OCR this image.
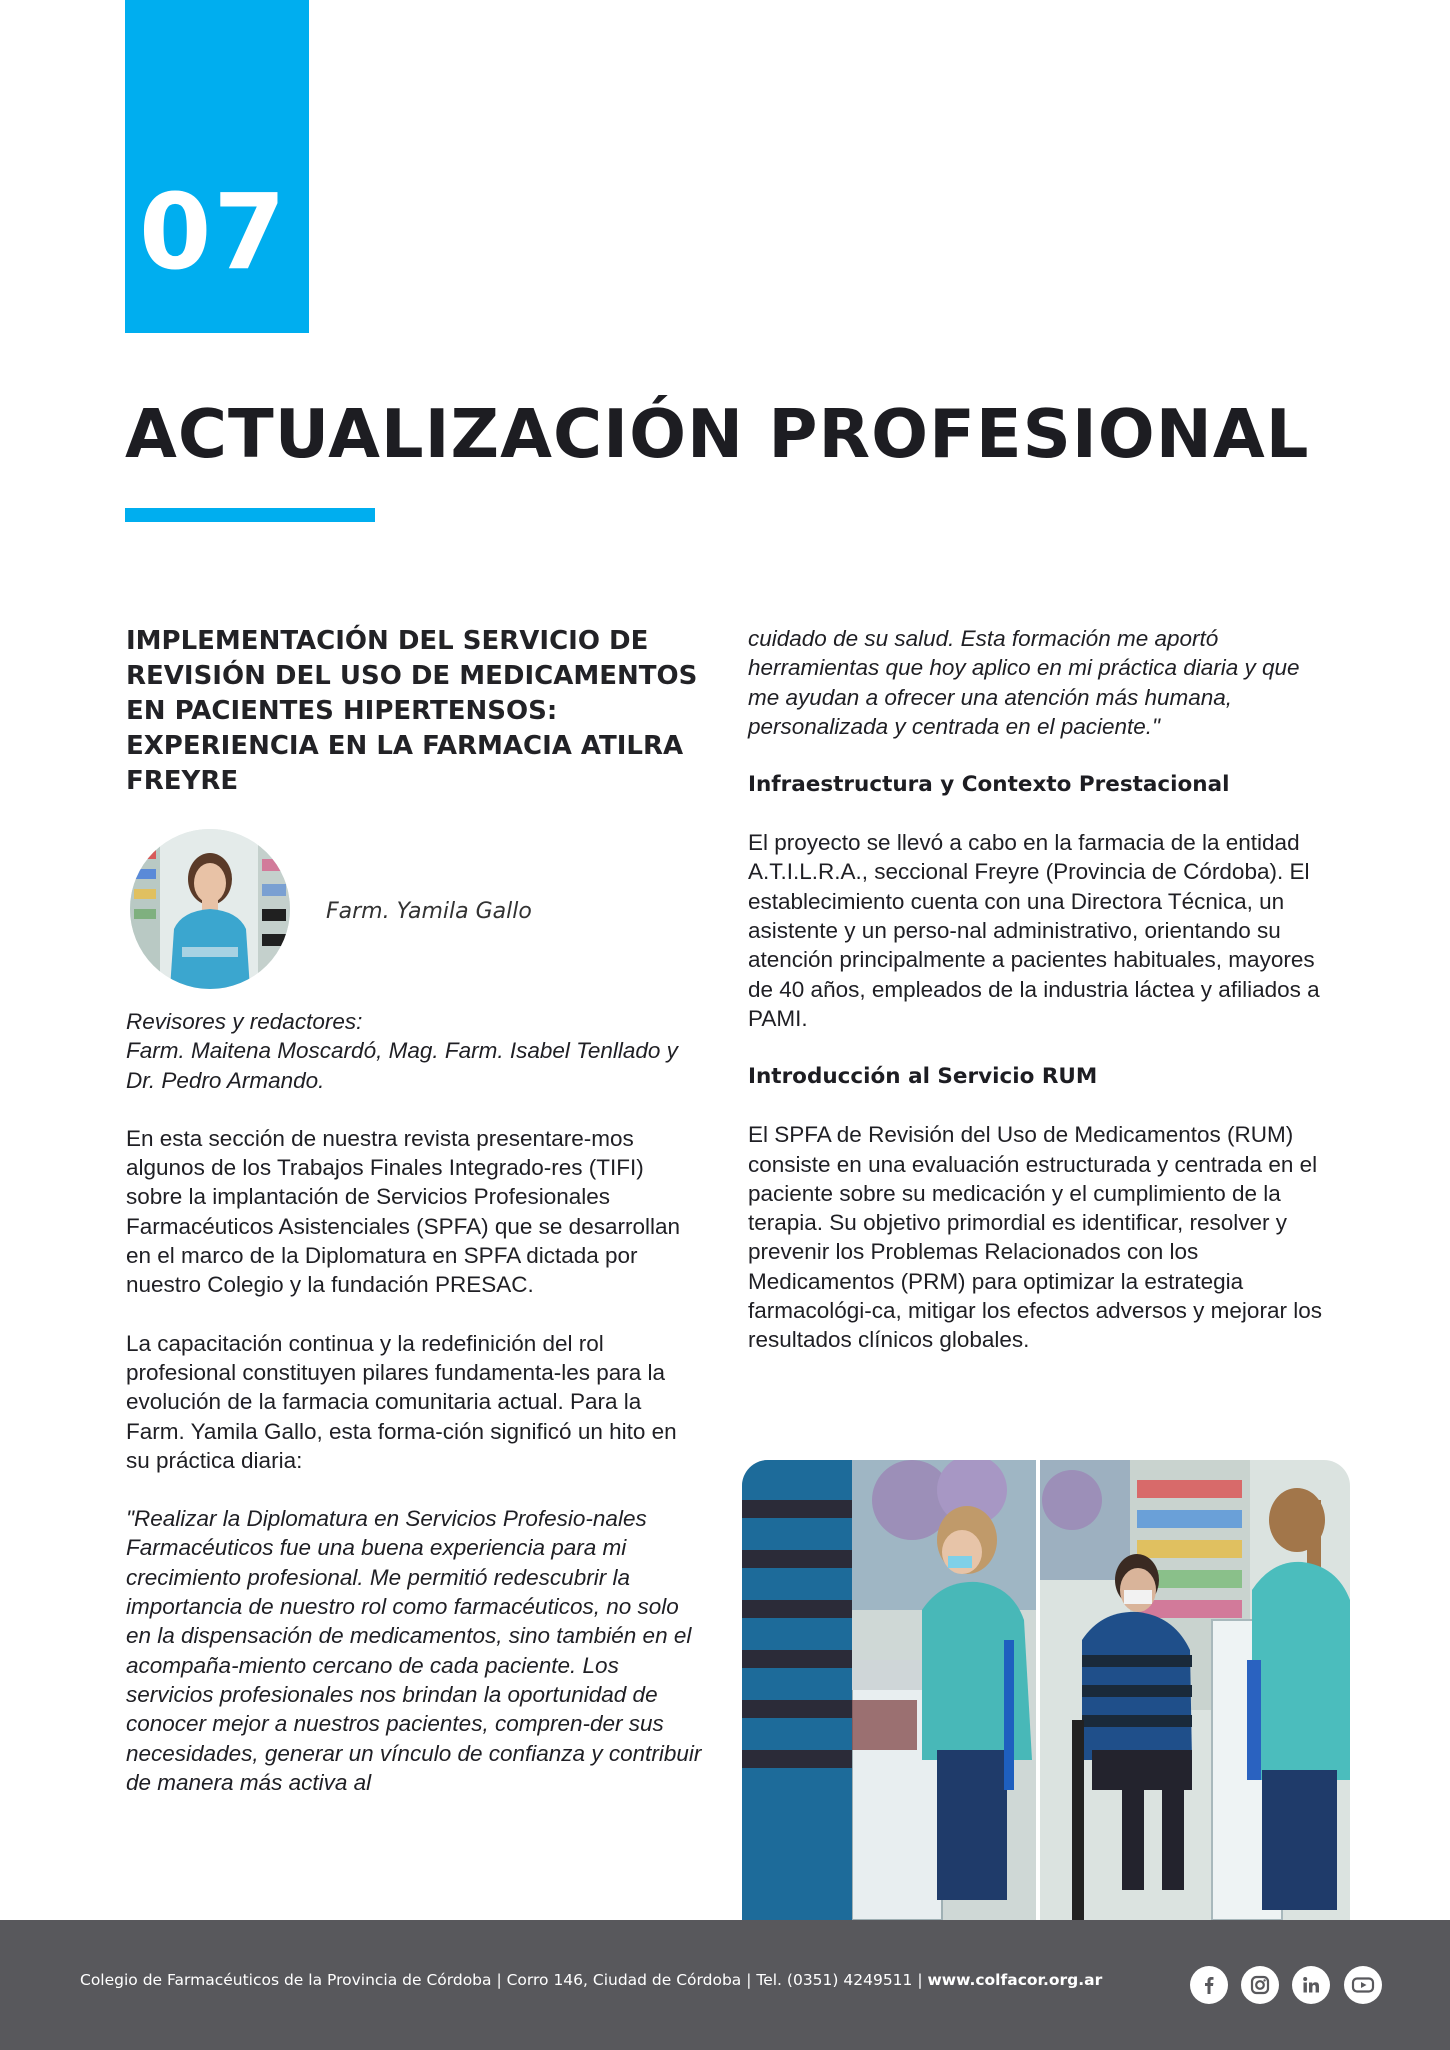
07
ACTUALIZACIÓN PROFESIONAL
IMPLEMENTACIÓN DEL SERVICIO DE REVISIÓN DEL USO DE MEDICAMENTOS EN PACIENTES HIPERTENSOS: EXPERIENCIA EN LA FARMACIA ATILRA FREYRE
Farm. Yamila Gallo
Revisores y redactores:
Farm. Maitena Moscardó, Mag. Farm. Isabel Tenllado y Dr. Pedro Armando.

En esta sección de nuestra revista presentare-mos algunos de los Trabajos Finales Integrado-res (TIFI) sobre la implantación de Servicios Profesionales Farmacéuticos Asistenciales (SPFA) que se desarrollan en el marco de la Diplomatura en SPFA dictada por nuestro Colegio y la fundación PRESAC.

La capacitación continua y la redefinición del rol profesional constituyen pilares fundamenta-les para la evolución de la farmacia comunitaria actual. Para la Farm. Yamila Gallo, esta forma-ción significó un hito en su práctica diaria:

"Realizar la Diplomatura en Servicios Profesio-nales Farmacéuticos fue una buena experiencia para mi crecimiento profesional. Me permitió redescubrir la importancia de nuestro rol como farmacéuticos, no solo en la dispensación de medicamentos, sino también en el acompaña-miento cercano de cada paciente. Los servicios profesionales nos brindan la oportunidad de conocer mejor a nuestros pacientes, compren-der sus necesidades, generar un vínculo de confianza y contribuir de manera más activa al

cuidado de su salud. Esta formación me aportó herramientas que hoy aplico en mi práctica diaria y que me ayudan a ofrecer una atención más humana, personalizada y centrada en el paciente."

Infraestructura y Contexto Prestacional

El proyecto se llevó a cabo en la farmacia de la entidad A.T.I.L.R.A., seccional Freyre (Provincia de Córdoba). El establecimiento cuenta con una Directora Técnica, un asistente y un perso-nal administrativo, orientando su atención principalmente a pacientes habituales, mayores de 40 años, empleados de la industria láctea y afiliados a PAMI.

Introducción al Servicio RUM

El SPFA de Revisión del Uso de Medicamentos (RUM) consiste en una evaluación estructurada y centrada en el paciente sobre su medicación y el cumplimiento de la terapia. Su objetivo primordial es identificar, resolver y prevenir los Problemas Relacionados con los Medicamentos (PRM) para optimizar la estrategia farmacológi-ca, mitigar los efectos adversos y mejorar los resultados clínicos globales.

Colegio de Farmacéuticos de la Provincia de Córdoba | Corro 146, Ciudad de Córdoba | Tel. (0351) 4249511 | www.colfacor.org.ar
